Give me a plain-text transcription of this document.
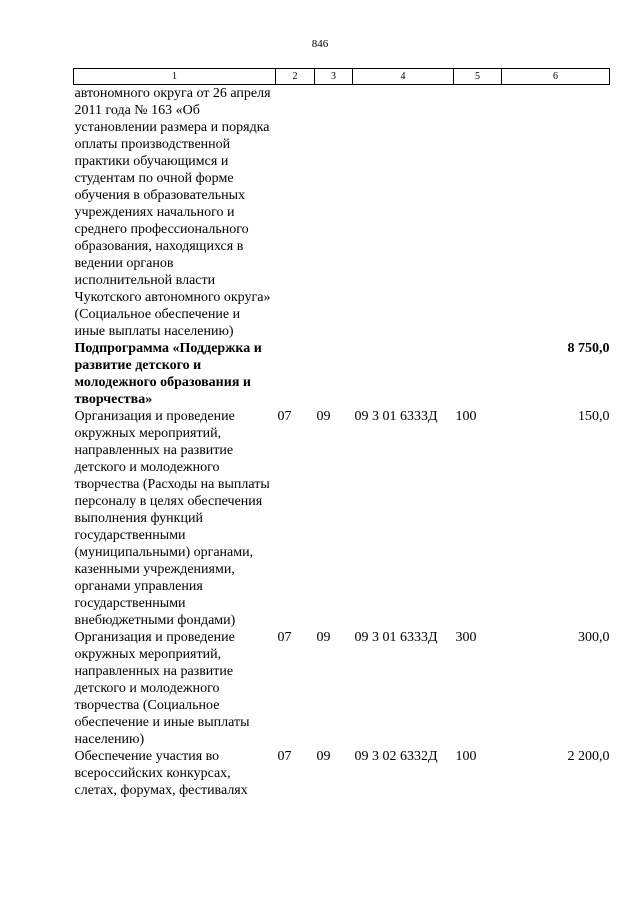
846
1	2	3	4	5	6
автономного округа от 26 апреля 2011 года № 163 «Об установлении размера и порядка оплаты производственной практики обучающимся и студентам по очной форме обучения в образовательных учреждениях начального и среднего профессионального образования, находящихся в ведении органов исполнительной власти Чукотского автономного округа» (Социальное обеспечение и иные выплаты населению)					
Подпрограмма «Поддержка и развитие детского и молодежного образования и творчества»					8 750,0
Организация и проведение окружных мероприятий, направленных на развитие детского и молодежного творчества (Расходы на выплаты персоналу в целях обеспечения выполнения функций государственными (муниципальными) органами, казенными учреждениями, органами управления государственными внебюджетными фондами)	07	09	09 3 01 6333Д	100	150,0
Организация и проведение окружных мероприятий, направленных на развитие детского и молодежного творчества (Социальное обеспечение и иные выплаты населению)	07	09	09 3 01 6333Д	300	300,0
Обеспечение участия во всероссийских конкурсах, слетах, форумах, фестивалях	07	09	09 3 02 6332Д	100	2 200,0
